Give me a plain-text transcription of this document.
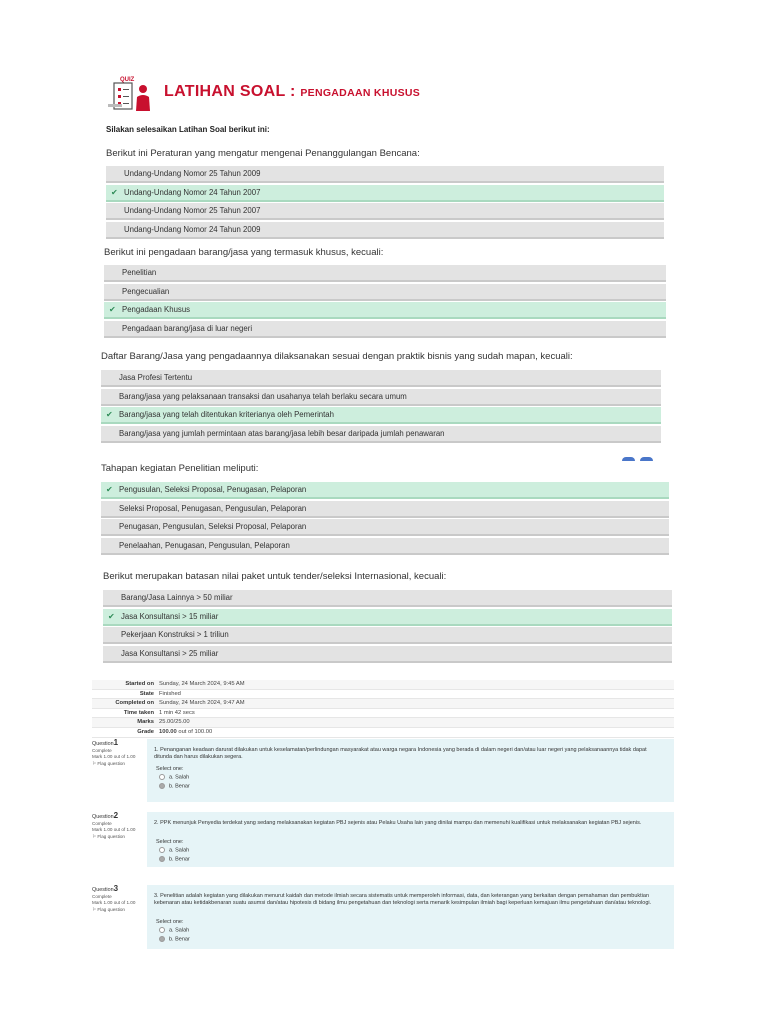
QUIZ
LATIHAN SOAL : PENGADAAN KHUSUS
Silakan selesaikan Latihan Soal berikut ini:
Berikut ini Peraturan yang mengatur mengenai Penanggulangan Bencana:
Undang-Undang Nomor 25 Tahun 2009
✔ Undang-Undang Nomor 24 Tahun 2007
Undang-Undang Nomor 25 Tahun 2007
Undang-Undang Nomor 24 Tahun 2009
Berikut ini pengadaan barang/jasa yang termasuk khusus, kecuali:
Penelitian
Pengecualian
✔ Pengadaan Khusus
Pengadaan barang/jasa di luar negeri
Daftar Barang/Jasa yang pengadaannya dilaksanakan sesuai dengan praktik bisnis yang sudah mapan, kecuali:
Jasa Profesi Tertentu
Barang/jasa yang pelaksanaan transaksi dan usahanya telah berlaku secara umum
✔ Barang/jasa yang telah ditentukan kriterianya oleh Pemerintah
Barang/jasa yang jumlah permintaan atas barang/jasa lebih besar daripada jumlah penawaran
Tahapan kegiatan Penelitian meliputi:
✔ Pengusulan, Seleksi Proposal, Penugasan, Pelaporan
Seleksi Proposal, Penugasan, Pengusulan, Pelaporan
Penugasan, Pengusulan, Seleksi Proposal, Pelaporan
Penelaahan, Penugasan, Pengusulan, Pelaporan
Berikut merupakan batasan nilai paket untuk tender/seleksi Internasional, kecuali:
Barang/Jasa Lainnya > 50 miliar
✔ Jasa Konsultansi > 15 miliar
Pekerjaan Konstruksi > 1 triliun
Jasa Konsultansi > 25 miliar
Started on Sunday, 24 March 2024, 9:45 AM
State Finished
Completed on Sunday, 24 March 2024, 9:47 AM
Time taken 1 min 42 secs
Marks 25.00/25.00
Grade 100.00 out of 100.00
Question1
Complete
Mark 1.00 out of 1.00
⚐ Flag question
1. Penanganan keadaan darurat dilakukan untuk keselamatan/perlindungan masyarakat atau warga negara Indonesia yang berada di dalam negeri dan/atau luar negeri yang pelaksanaannya tidak dapat ditunda dan harus dilakukan segera.
Select one:
a. Salah
b. Benar
Question2
Complete
Mark 1.00 out of 1.00
⚐ Flag question
2. PPK menunjuk Penyedia terdekat yang sedang melaksanakan kegiatan PBJ sejenis atau Pelaku Usaha lain yang dinilai mampu dan memenuhi kualifikasi untuk melaksanakan kegiatan PBJ sejenis.
Select one:
a. Salah
b. Benar
Question3
Complete
Mark 1.00 out of 1.00
⚐ Flag question
3. Penelitian adalah kegiatan yang dilakukan menurut kaidah dan metode ilmiah secara sistematis untuk memperoleh informasi, data, dan keterangan yang berkaitan dengan pemahaman dan pembuktian kebenaran atau ketidakbenaran suatu asumsi dan/atau hipotesis di bidang ilmu pengetahuan dan teknologi serta menarik kesimpulan ilmiah bagi keperluan kemajuan ilmu pengetahuan dan/atau teknologi.
Select one:
a. Salah
b. Benar
